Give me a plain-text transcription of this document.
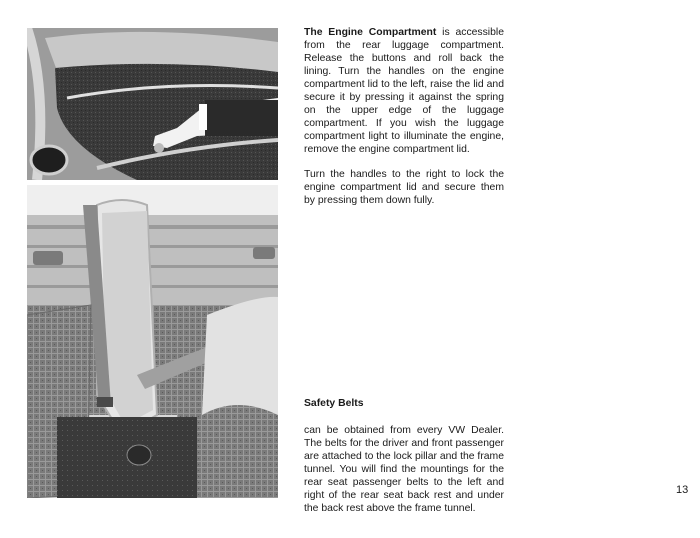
The Engine Compartment is accessible from the rear luggage compartment. Release the buttons and roll back the lining. Turn the handles on the engine compartment lid to the left, raise the lid and secure it by pressing it against the spring on the upper edge of the luggage compartment. If you wish the luggage compartment light to illuminate the engine, remove the engine compartment lid.

Turn the handles to the right to lock the engine compartment lid and secure them by pressing them down fully.

Safety Belts

can be obtained from every VW Dealer. The belts for the driver and front passenger are attached to the lock pillar and the frame tunnel. You will find the mountings for the rear seat passenger belts to the left and right of the rear seat back rest and under the back rest above the frame tunnel.

13
